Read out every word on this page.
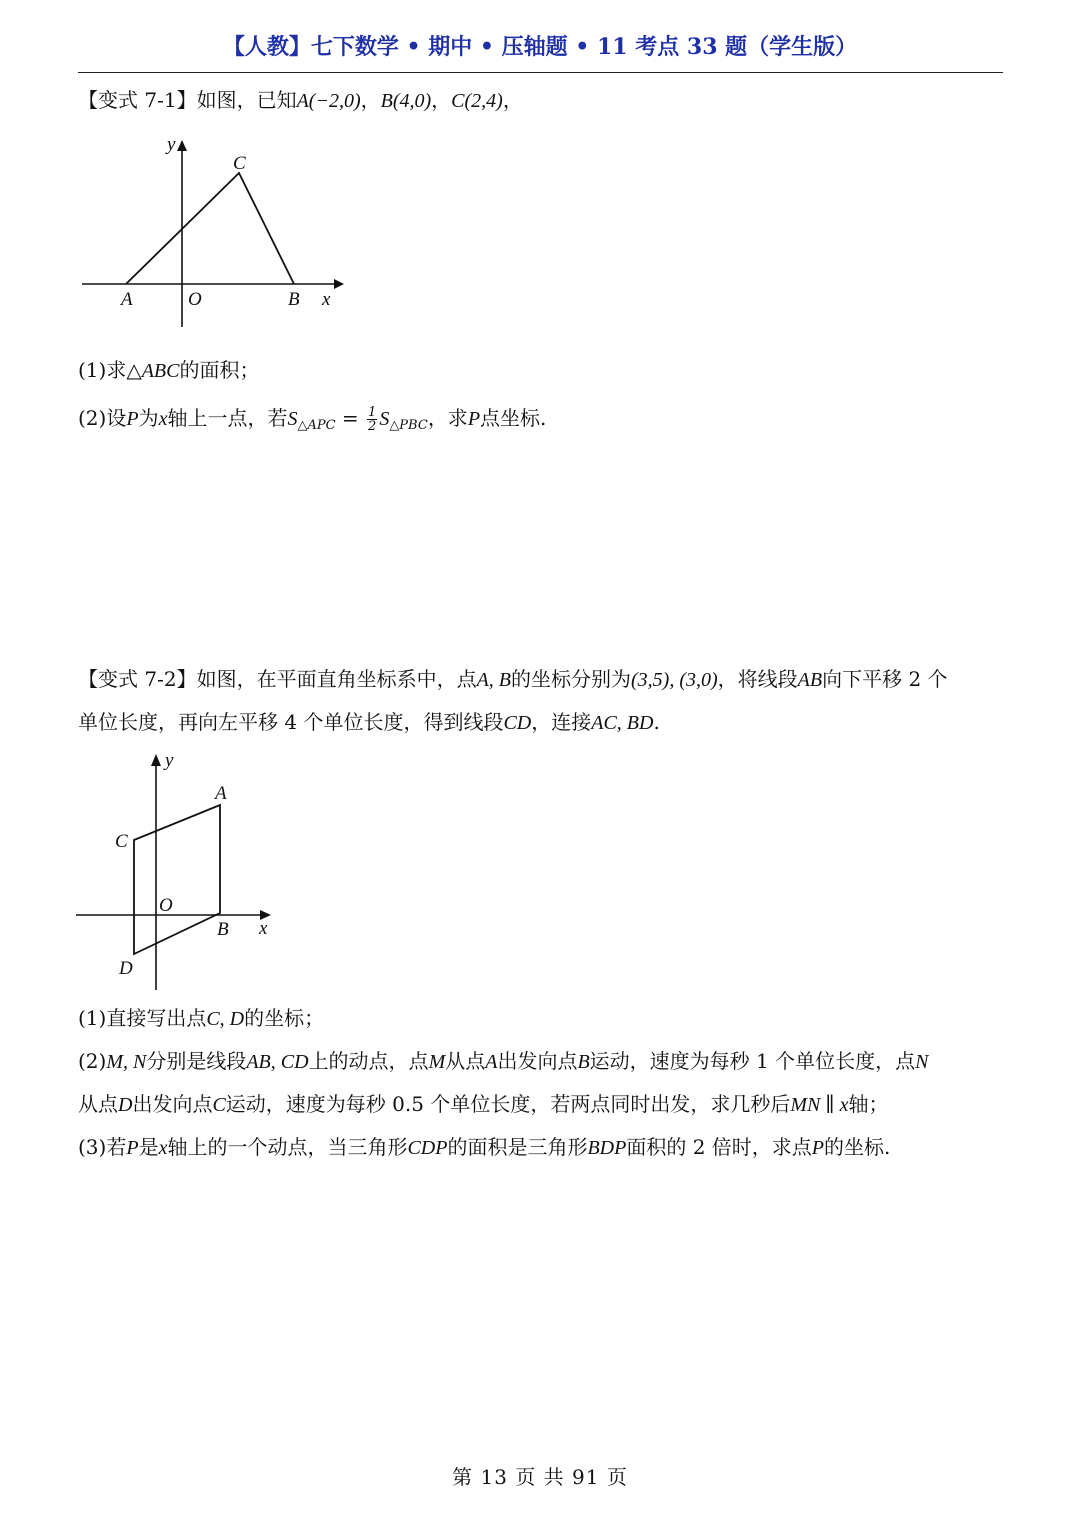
【人教】七下数学 • 期中 • 压轴题 • 11 考点 33 题（学生版）
【变式 7-1】如图，已知A(−2,0)，B(4,0)，C(2,4)，
y
C
A	O	B x
(1)求△ABC的面积；
(2)设P为x轴上一点，若$S_{\triangle APC} = \frac{1}{2} S_{\triangle PBC}$，求P点坐标.
【变式 7-2】如图，在平面直角坐标系中，点A, B的坐标分别为(3,5), (3,0)，将线段AB向下平移 2 个
单位长度，再向左平移 4 个单位长度，得到线段CD，连接AC, BD.
y
A
C
O
B x
D
(1)直接写出点C, D的坐标；
(2)M, N分别是线段AB, CD上的动点，点M从点A出发向点B运动，速度为每秒 1 个单位长度，点N
从点D出发向点C运动，速度为每秒 0.5 个单位长度，若两点同时出发，求几秒后MN ∥ x轴；
(3)若P是x轴上的一个动点，当三角形CDP的面积是三角形BDP面积的 2 倍时，求点P的坐标.
第 13 页 共 91 页
